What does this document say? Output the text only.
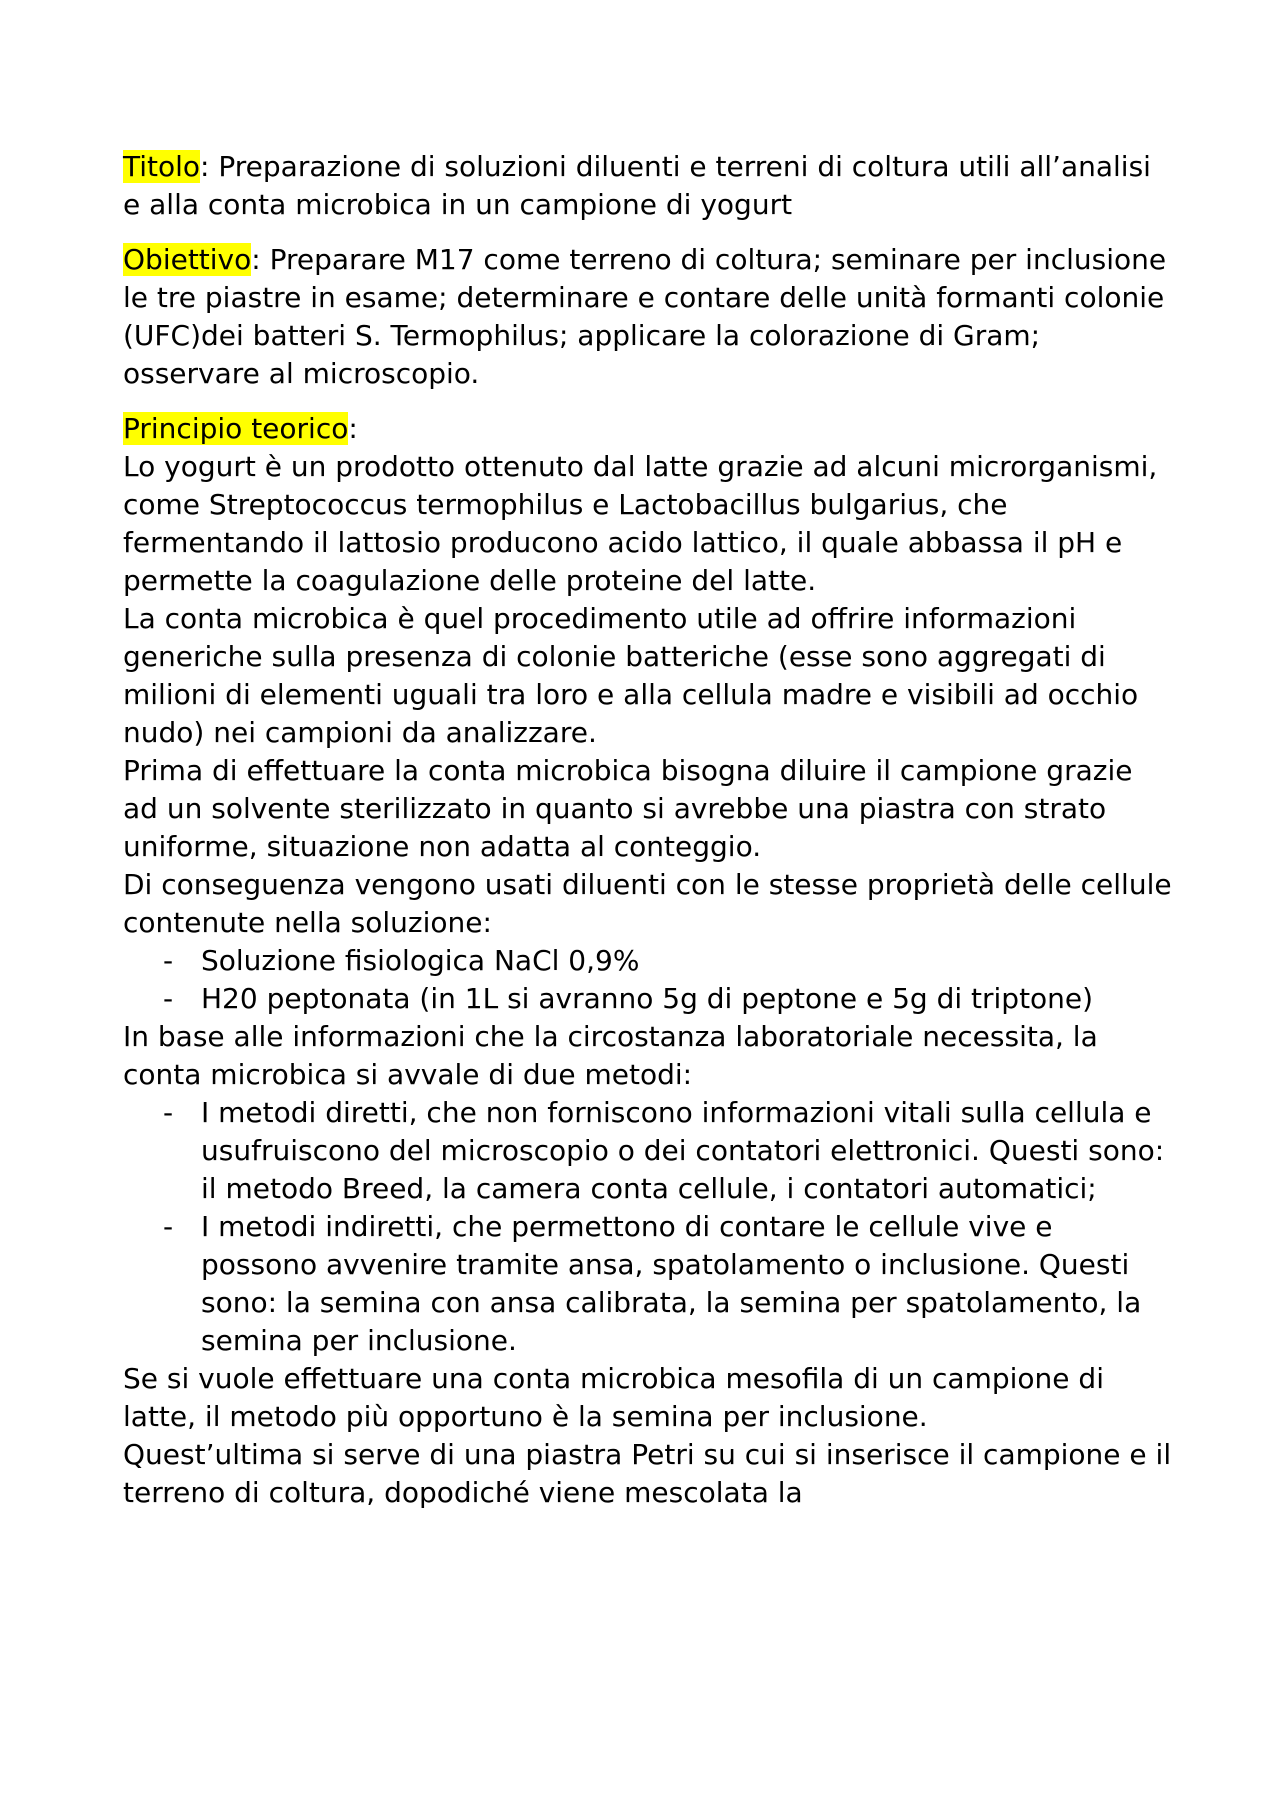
Titolo: Preparazione di soluzioni diluenti e terreni di coltura utili all’analisi e alla conta microbica in un campione di yogurt

Obiettivo: Preparare M17 come terreno di coltura; seminare per inclusione le tre piastre in esame; determinare e contare delle unità formanti colonie (UFC)dei batteri S. Termophilus; applicare la colorazione di Gram; osservare al microscopio.

Principio teorico:

Lo yogurt è un prodotto ottenuto dal latte grazie ad alcuni microrganismi, come Streptococcus termophilus e Lactobacillus bulgarius, che fermentando il lattosio producono acido lattico, il quale abbassa il pH e permette la coagulazione delle proteine del latte.

La conta microbica è quel procedimento utile ad offrire informazioni generiche sulla presenza di colonie batteriche (esse sono aggregati di milioni di elementi uguali tra loro e alla cellula madre e visibili ad occhio nudo) nei campioni da analizzare.

Prima di effettuare la conta microbica bisogna diluire il campione grazie ad un solvente sterilizzato in quanto si avrebbe una piastra con strato uniforme, situazione non adatta al conteggio.

Di conseguenza vengono usati diluenti con le stesse proprietà delle cellule contenute nella soluzione:

- Soluzione fisiologica NaCl 0,9%
- H20 peptonata (in 1L si avranno 5g di peptone e 5g di triptone)

In base alle informazioni che la circostanza laboratoriale necessita, la conta microbica si avvale di due metodi:

- I metodi diretti, che non forniscono informazioni vitali sulla cellula e usufruiscono del microscopio o dei contatori elettronici. Questi sono: il metodo Breed, la camera conta cellule, i contatori automatici;
- I metodi indiretti, che permettono di contare le cellule vive e possono avvenire tramite ansa, spatolamento o inclusione. Questi sono: la semina con ansa calibrata, la semina per spatolamento, la semina per inclusione.

Se si vuole effettuare una conta microbica mesofila di un campione di latte, il metodo più opportuno è la semina per inclusione.

Quest’ultima si serve di una piastra Petri su cui si inserisce il campione e il terreno di coltura, dopodiché viene mescolata la
